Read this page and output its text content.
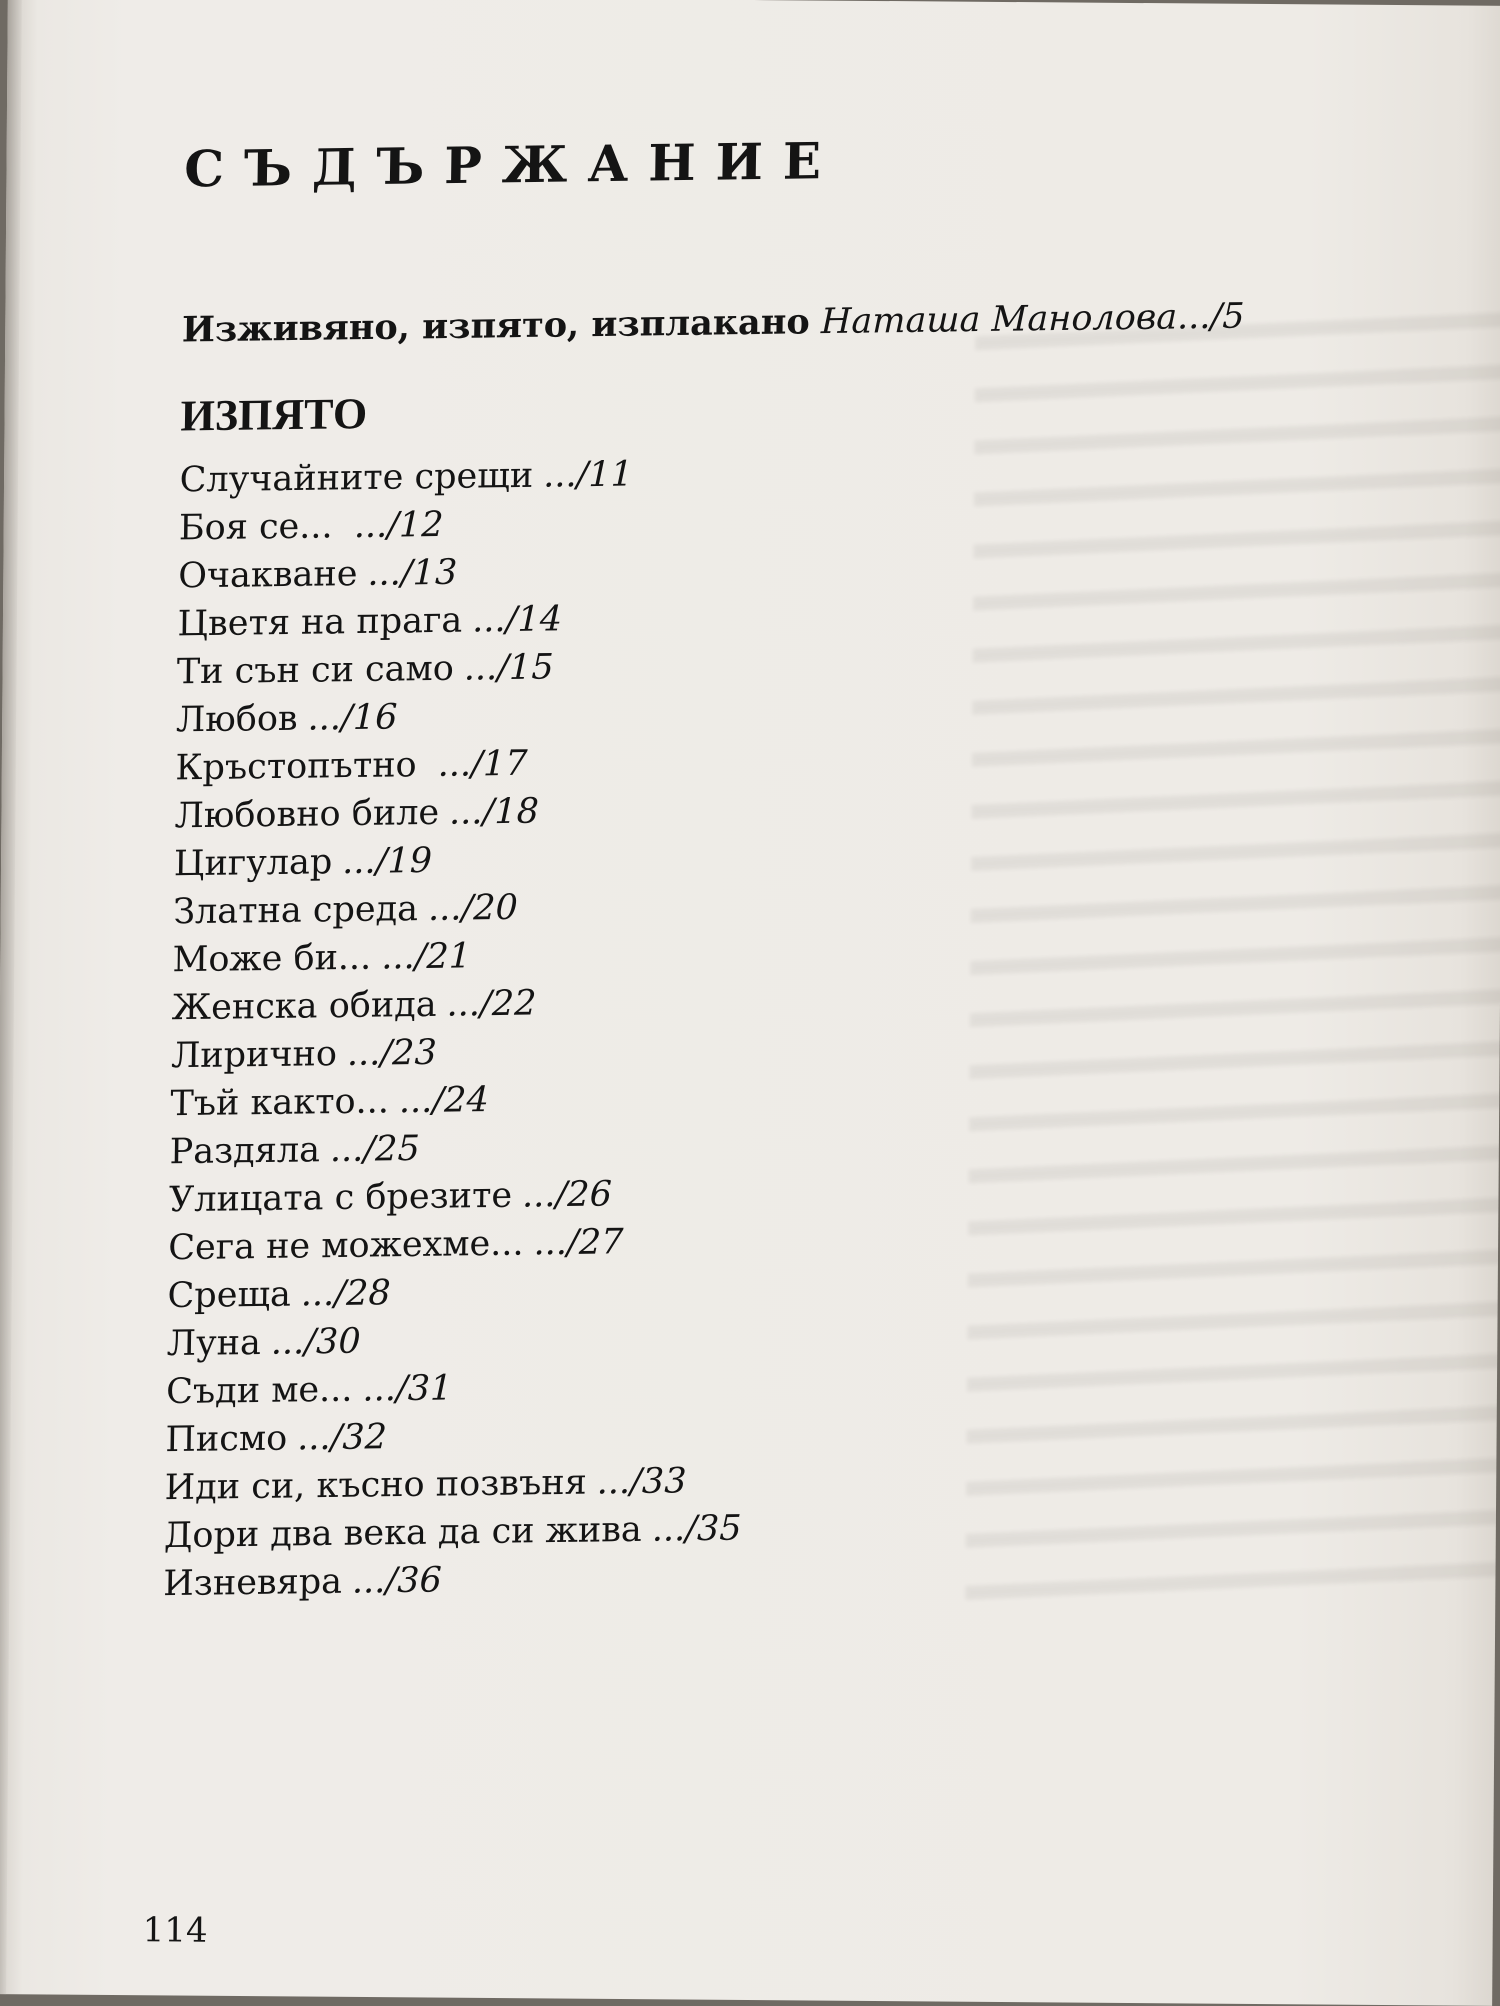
СЪДЪРЖАНИЕ
Изживяно, изпято, изплакано Наташа Манолова.../5
ИЗПЯТО
Случайните срещи .../11
Боя се... .../12
Очакване .../13
Цветя на прага .../14
Ти сън си само .../15
Любов .../16
Кръстопътно .../17
Любовно биле .../18
Цигулар .../19
Златна среда .../20
Може би... .../21
Женска обида .../22
Лирично .../23
Тъй както... .../24
Раздяла .../25
Улицата с брезите .../26
Сега не можехме... .../27
Среща .../28
Луна .../30
Съди ме... .../31
Писмо .../32
Иди си, късно позвъня .../33
Дори два века да си жива .../35
Изневяра .../36
114
